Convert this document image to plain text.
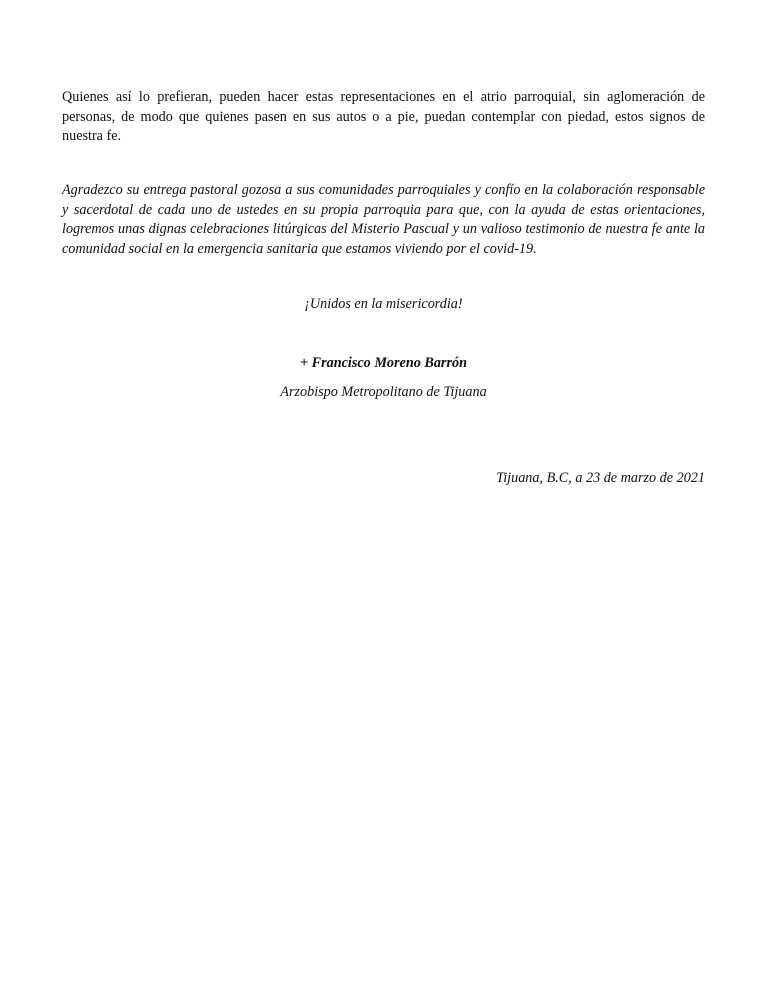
Quienes así lo prefieran, pueden hacer estas representaciones en el atrio parroquial, sin aglomeración de personas, de modo que quienes pasen en sus autos o a pie, puedan contemplar con piedad, estos signos de nuestra fe.

Agradezco su entrega pastoral gozosa a sus comunidades parroquiales y confío en la colaboración responsable y sacerdotal de cada uno de ustedes en su propia parroquia para que, con la ayuda de estas orientaciones, logremos unas dignas celebraciones litúrgicas del Misterio Pascual y un valioso testimonio de nuestra fe ante la comunidad social en la emergencia sanitaria que estamos viviendo por el covid-19.

¡Unidos en la misericordia!

+ Francisco Moreno Barrón

Arzobispo Metropolitano de Tijuana

Tijuana, B.C, a 23 de marzo de 2021
